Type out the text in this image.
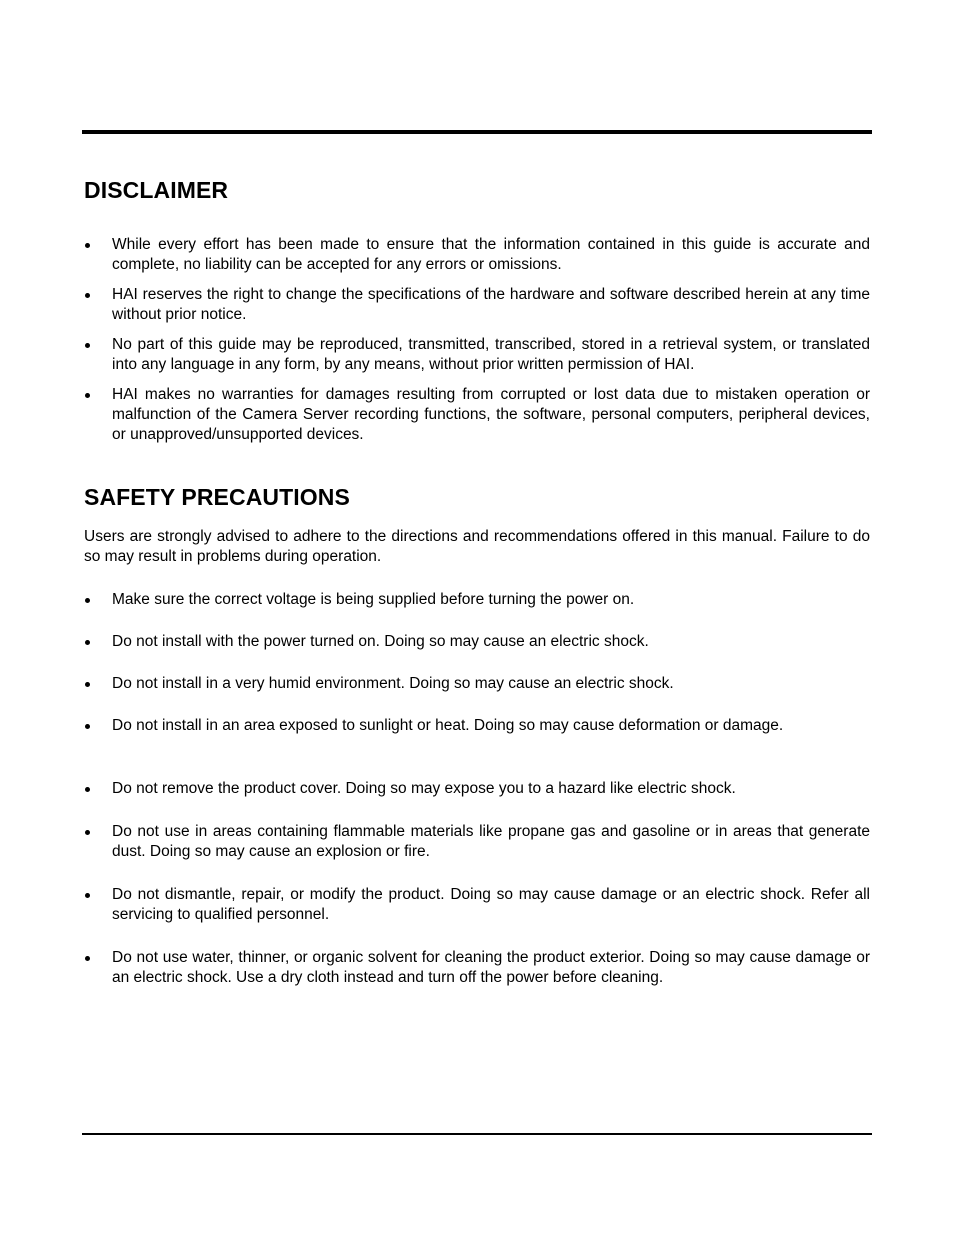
DISCLAIMER
While every effort has been made to ensure that the information contained in this guide is accurate and complete, no liability can be accepted for any errors or omissions.
HAI reserves the right to change the specifications of the hardware and software described herein at any time without prior notice.
No part of this guide may be reproduced, transmitted, transcribed, stored in a retrieval system, or translated into any language in any form, by any means, without prior written permission of HAI.
HAI makes no warranties for damages resulting from corrupted or lost data due to mistaken operation or malfunction of the Camera Server recording functions, the software, personal computers, peripheral devices, or unapproved/unsupported devices.
SAFETY PRECAUTIONS

Users are strongly advised to adhere to the directions and recommendations offered in this manual. Failure to do so may result in problems during operation.

Make sure the correct voltage is being supplied before turning the power on.
Do not install with the power turned on. Doing so may cause an electric shock.
Do not install in a very humid environment. Doing so may cause an electric shock.
Do not install in an area exposed to sunlight or heat. Doing so may cause deformation or damage.
Do not remove the product cover. Doing so may expose you to a hazard like electric shock.
Do not use in areas containing flammable materials like propane gas and gasoline or in areas that generate dust. Doing so may cause an explosion or fire.
Do not dismantle, repair, or modify the product. Doing so may cause damage or an electric shock. Refer all servicing to qualified personnel.
Do not use water, thinner, or organic solvent for cleaning the product exterior. Doing so may cause damage or an electric shock. Use a dry cloth instead and turn off the power before cleaning.
